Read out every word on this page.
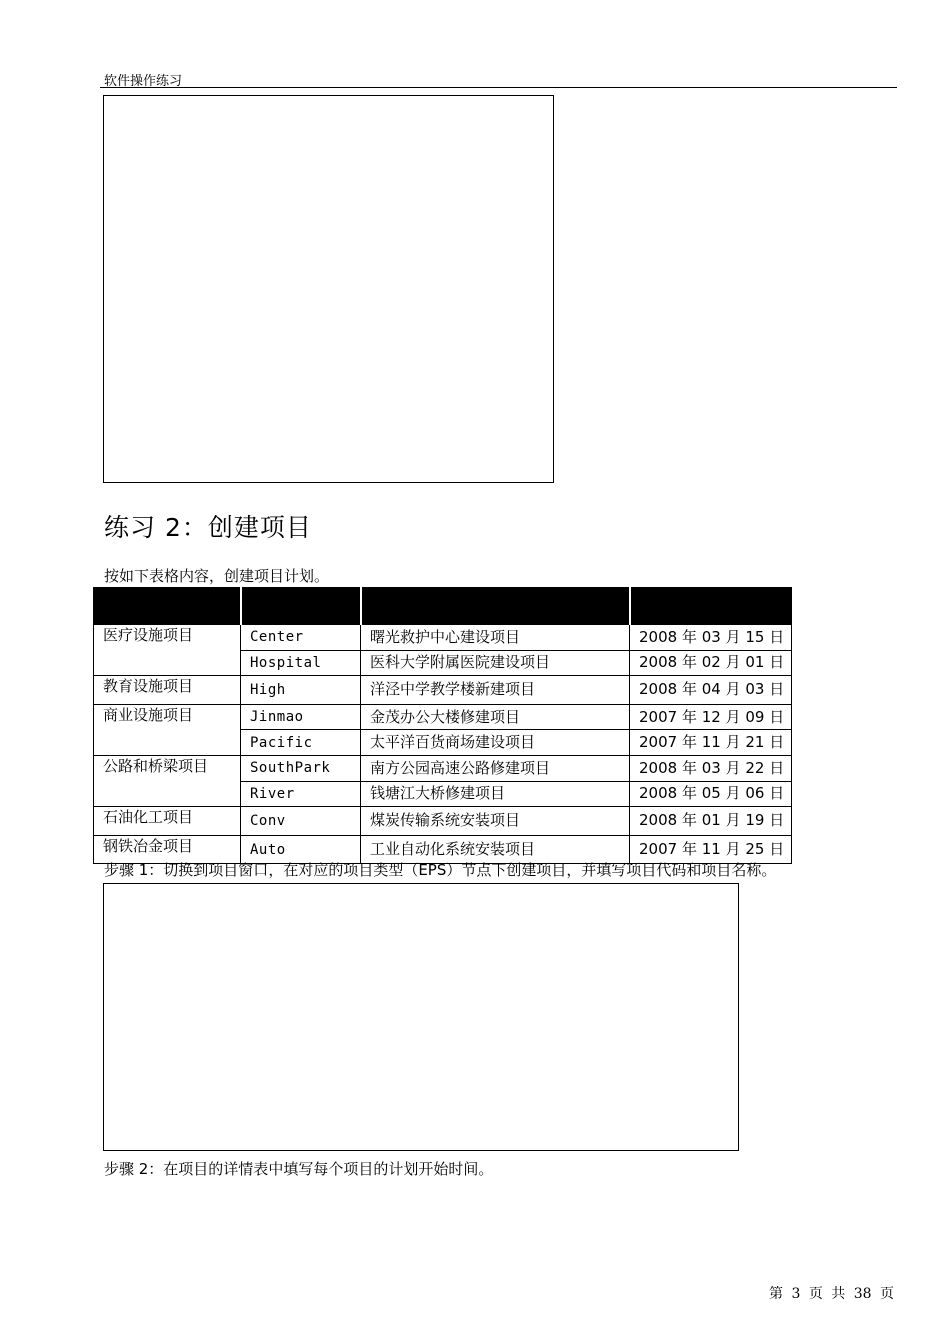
软件操作练习
练习 2：创建项目
按如下表格内容，创建项目计划。

医疗设施项目	Center	曙光救护中心建设项目	2008 年 03 月 15 日
	Hospital	医科大学附属医院建设项目	2008 年 02 月 01 日
教育设施项目	High	洋泾中学教学楼新建项目	2008 年 04 月 03 日
商业设施项目	Jinmao	金茂办公大楼修建项目	2007 年 12 月 09 日
	Pacific	太平洋百货商场建设项目	2007 年 11 月 21 日
公路和桥梁项目	SouthPark	南方公园高速公路修建项目	2008 年 03 月 22 日
	River	钱塘江大桥修建项目	2008 年 05 月 06 日
石油化工项目	Conv	煤炭传输系统安装项目	2008 年 01 月 19 日
钢铁冶金项目	Auto	工业自动化系统安装项目	2007 年 11 月 25 日
步骤 1：切换到项目窗口，在对应的项目类型（EPS）节点下创建项目，并填写项目代码和项目名称。
步骤 2：在项目的详情表中填写每个项目的计划开始时间。
第 3 页 共 38 页
